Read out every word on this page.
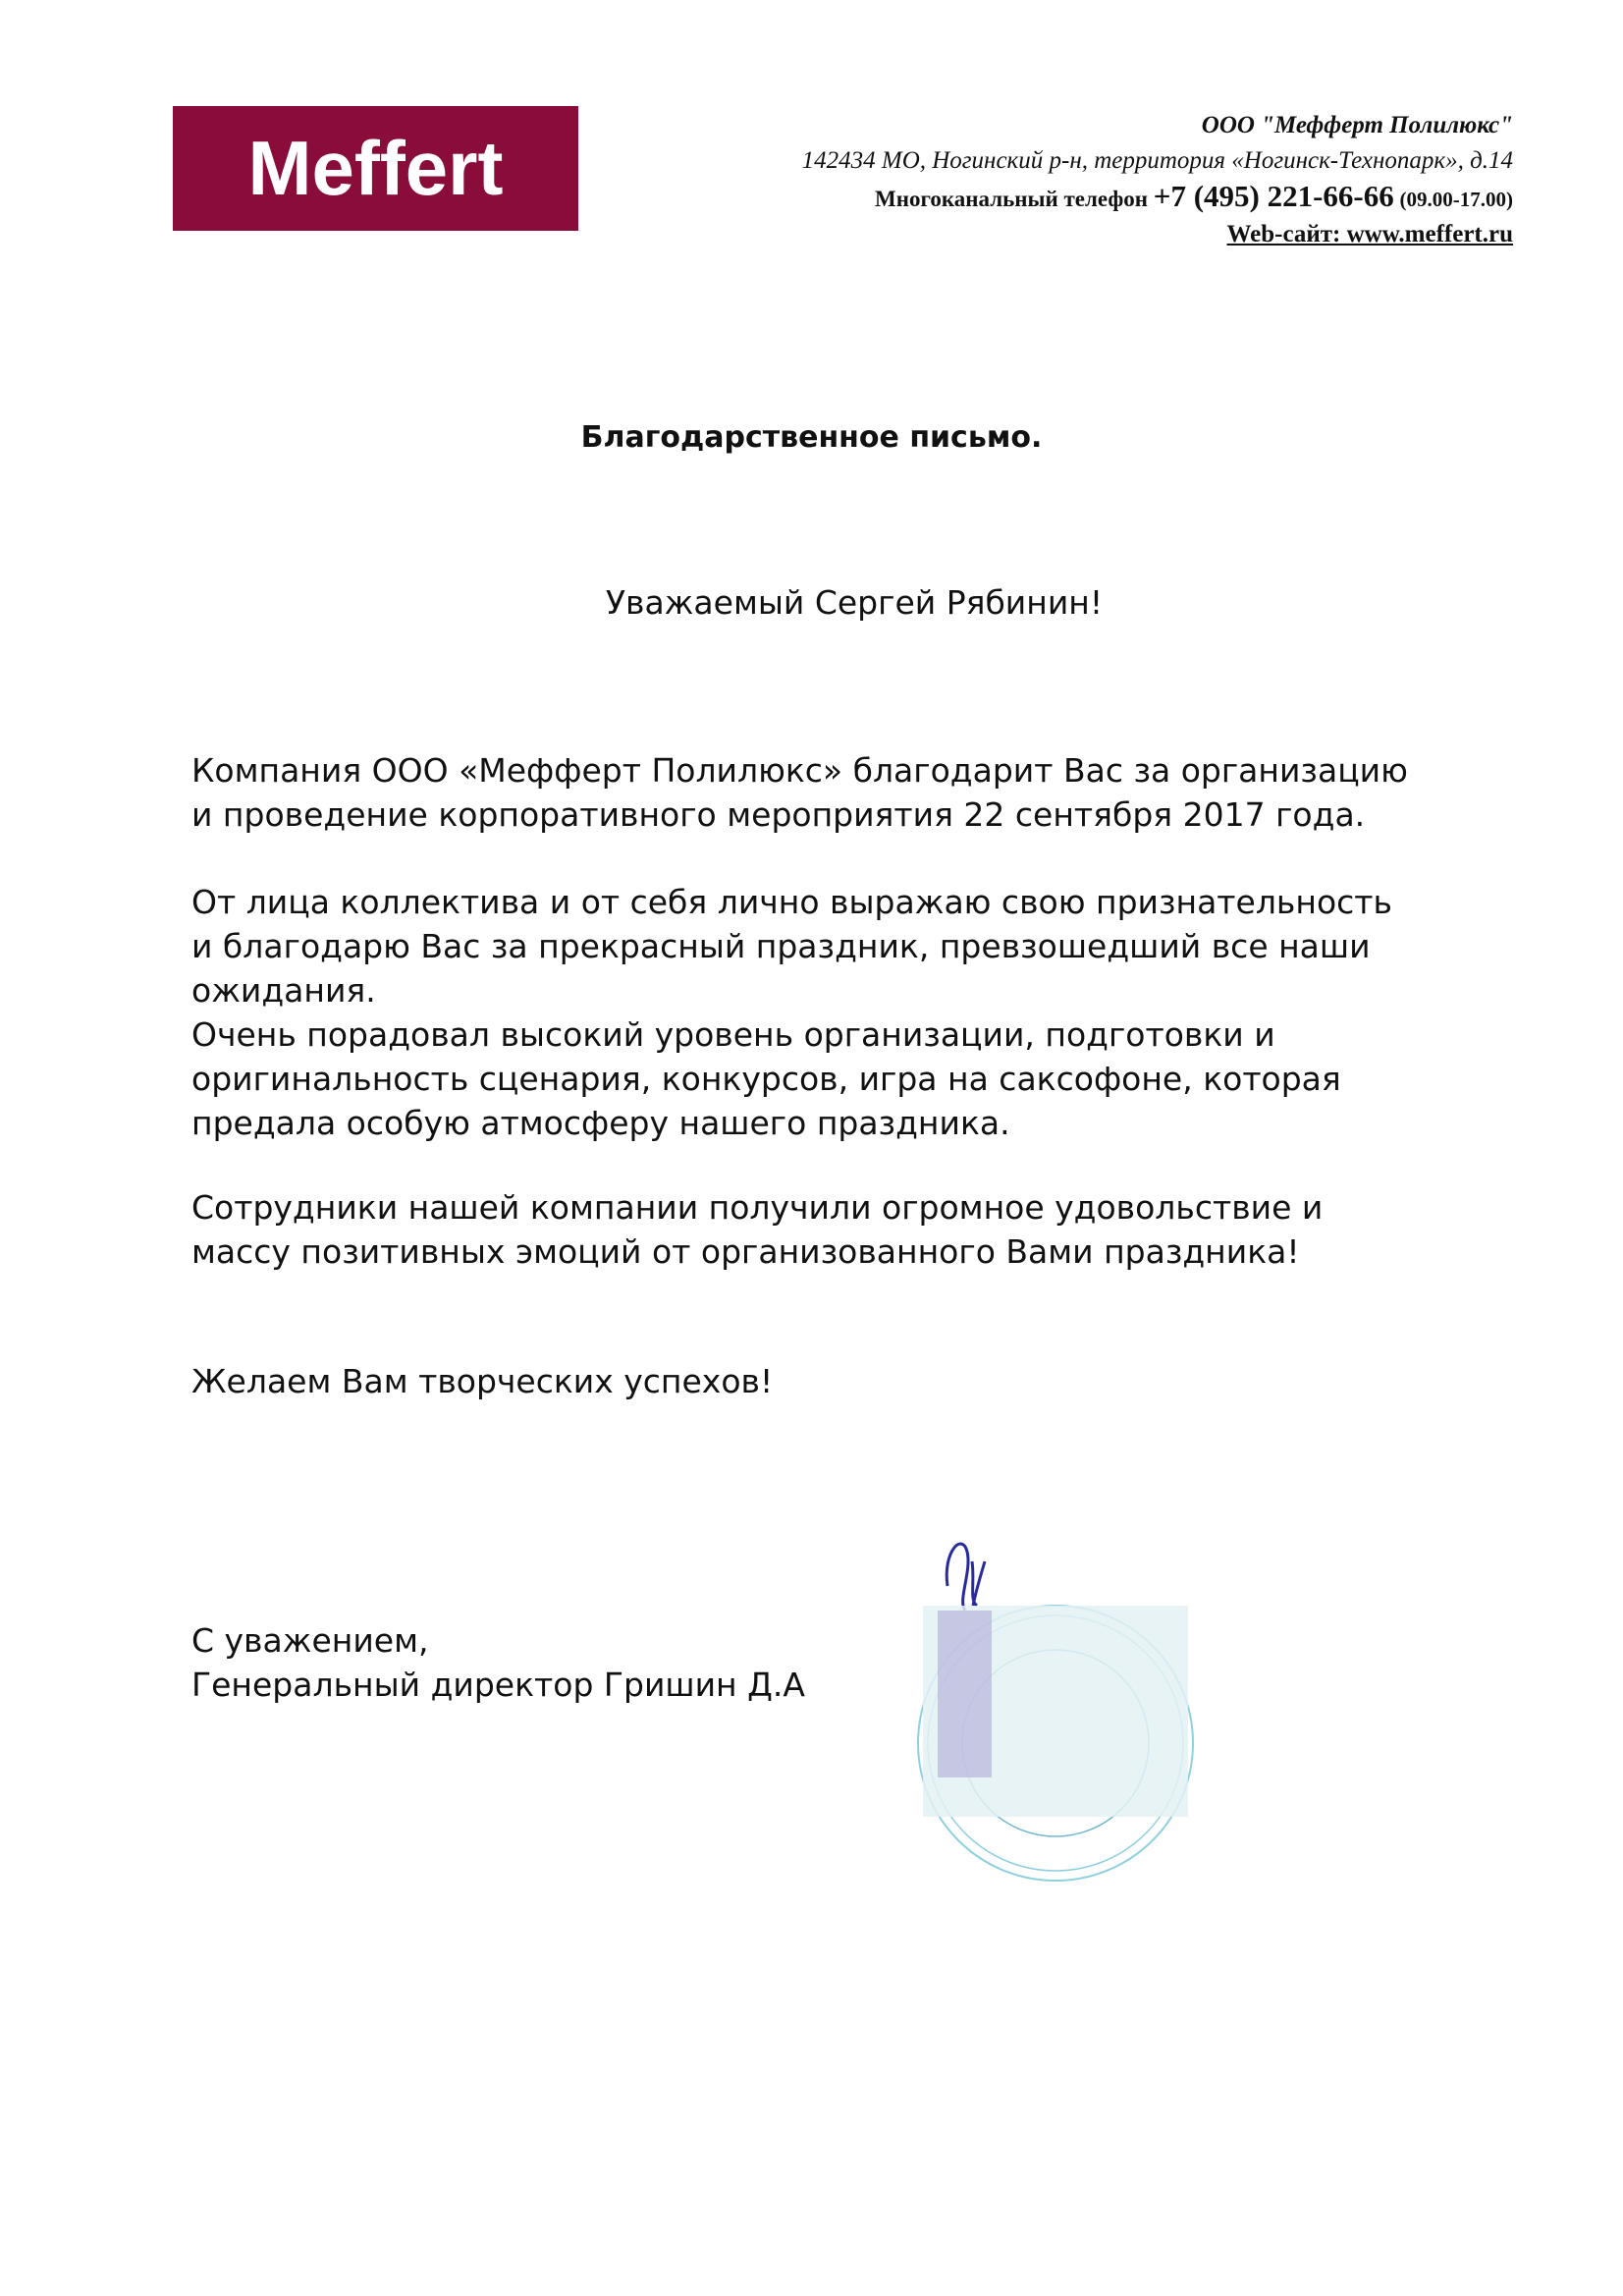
Meffert	ООО "Мефферт Полилюкс"
142434 МО, Ногинский р-н, территория «Ногинск-Технопарк», д.14
Многоканальный телефон +7 (495) 221-66-66 (09.00-17.00)
Web-сайт: www.meffert.ru
Благодарственное письмо.
Уважаемый Сергей Рябинин!
Компания ООО «Мефферт Полилюкс» благодарит Вас за организацию
и проведение корпоративного мероприятия 22 сентября 2017 года.
От лица коллектива и от себя лично выражаю свою признательность
и благодарю Вас за прекрасный праздник, превзошедший все наши
ожидания.
Очень порадовал высокий уровень организации, подготовки и
оригинальность сценария, конкурсов, игра на саксофоне, которая
предала особую атмосферу нашего праздника.
Сотрудники нашей компании получили огромное удовольствие и
массу позитивных эмоций от организованного Вами праздника!
Желаем Вам творческих успехов!
С уважением,
Генеральный директор Гришин Д.А
